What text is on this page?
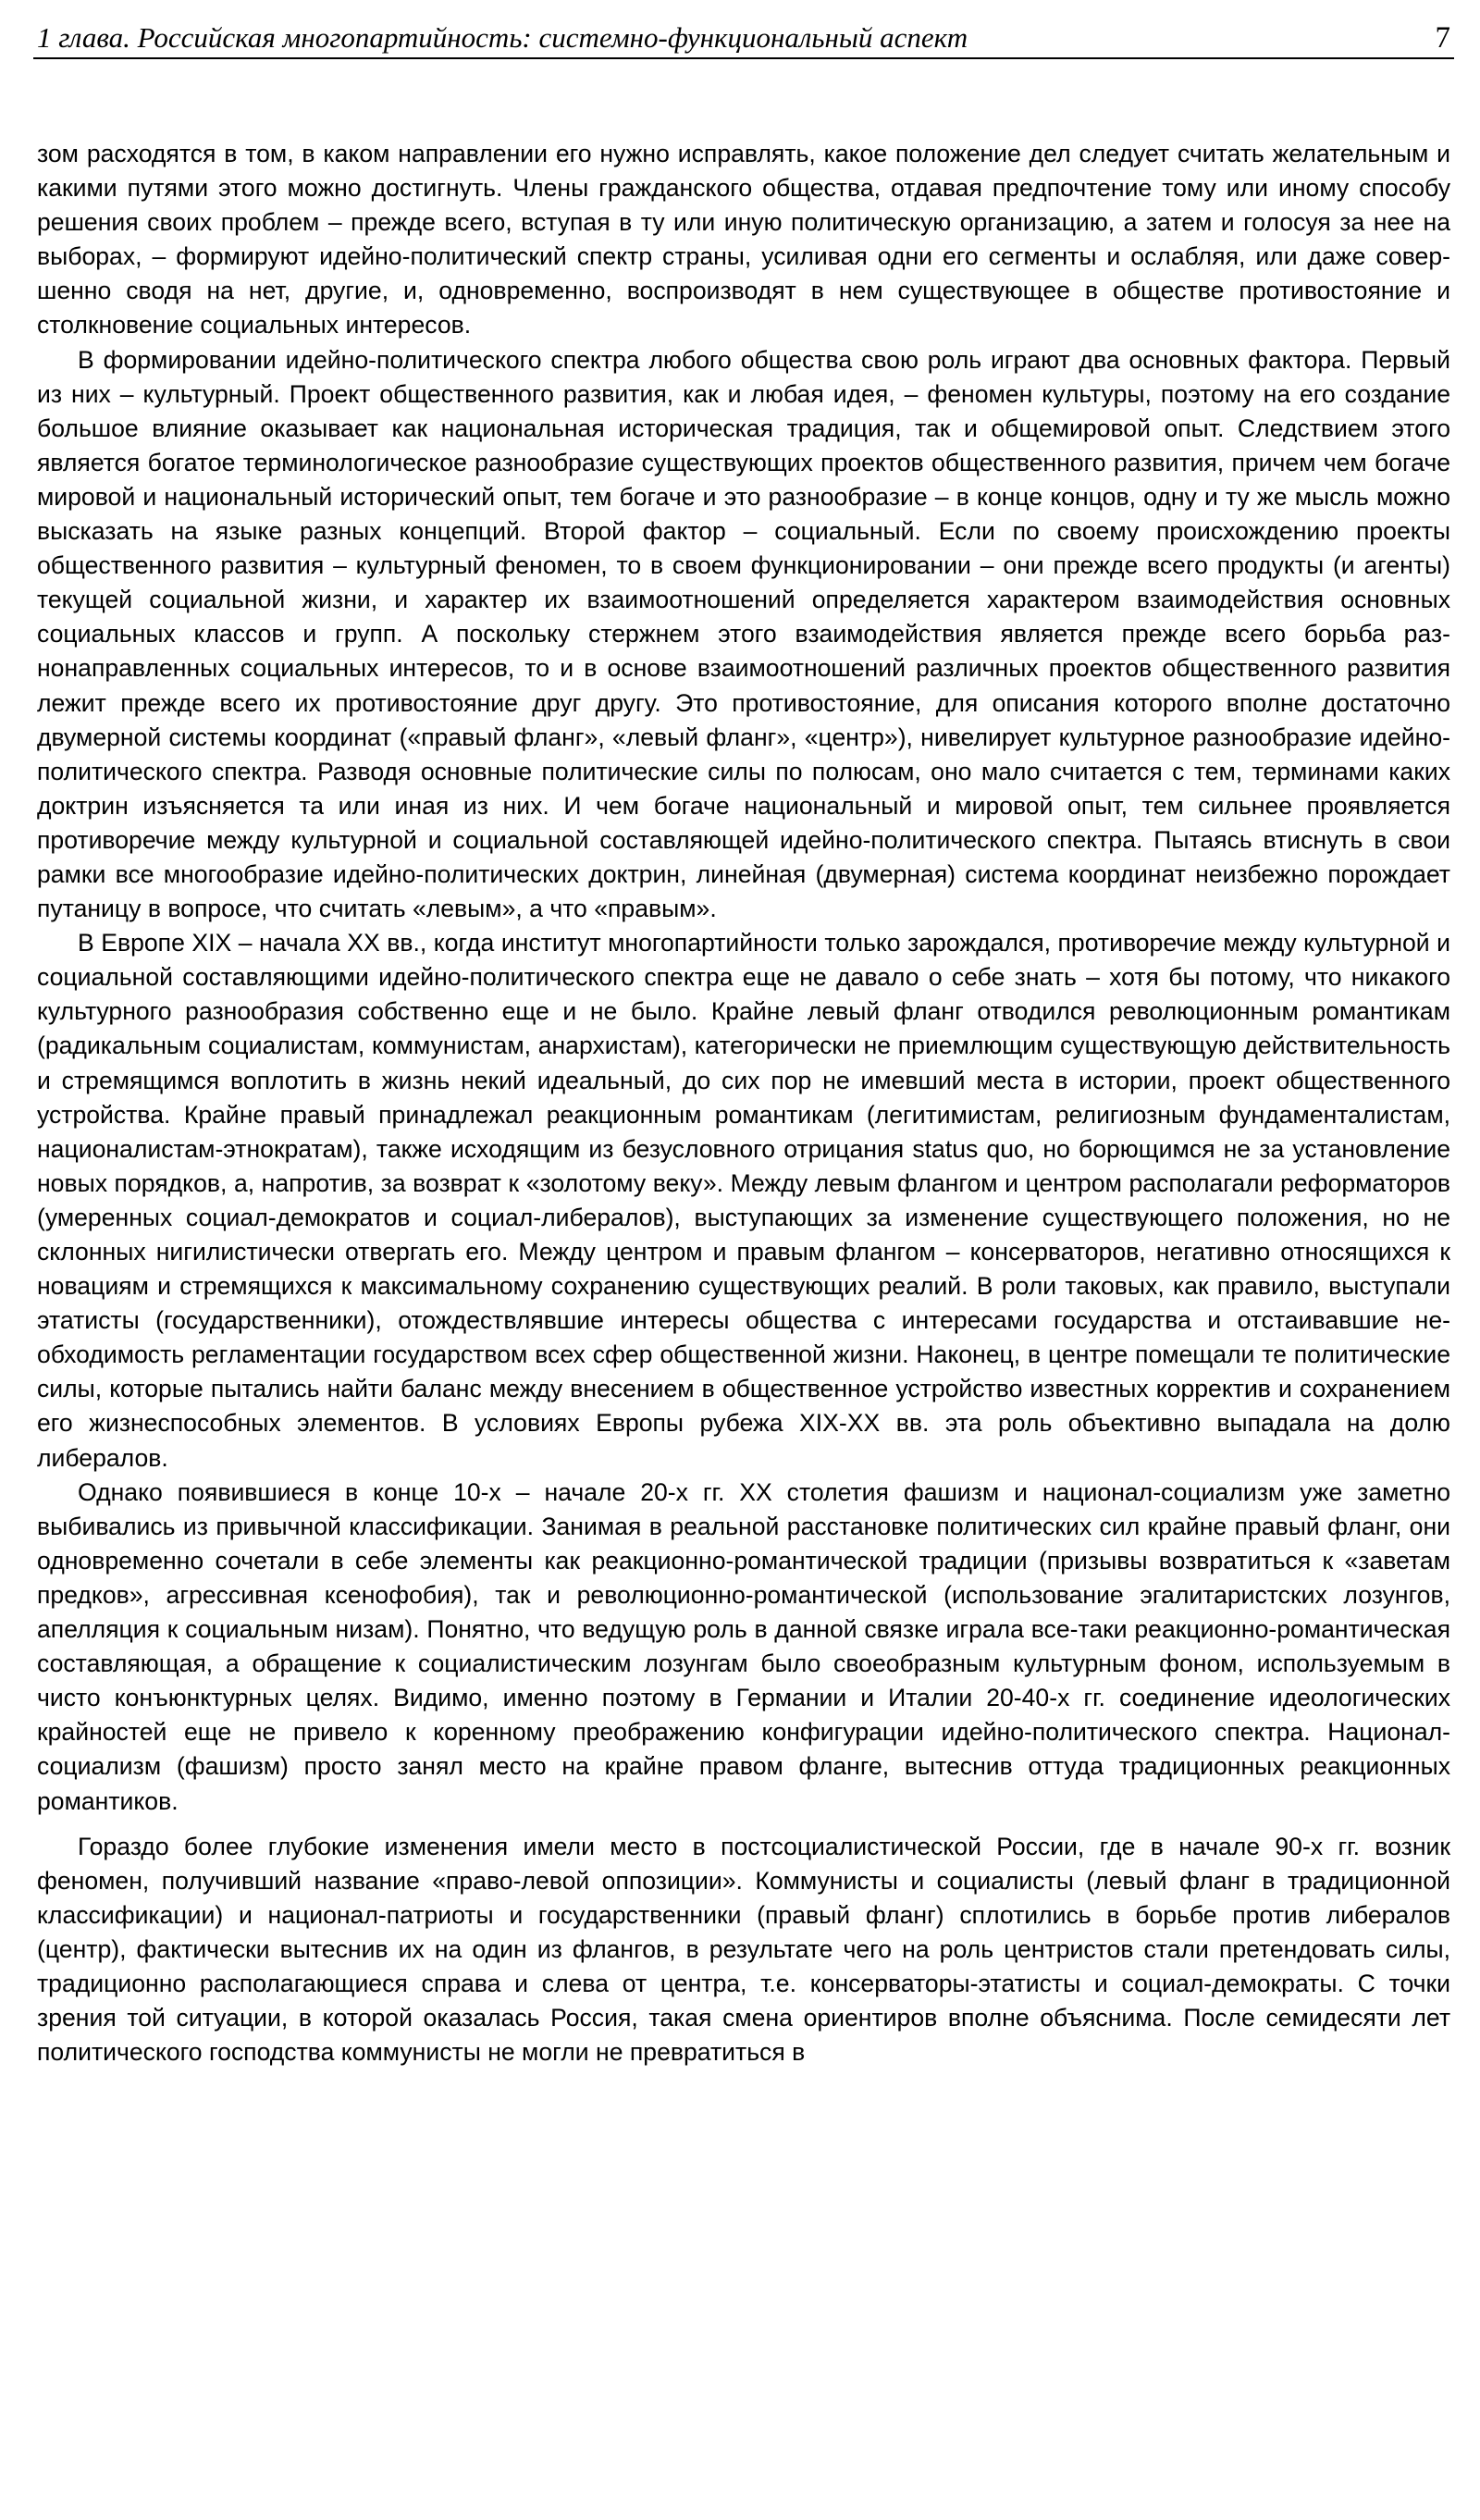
1 глава. Российская многопартийность: системно-функциональный аспект	7

зом расходятся в том, в каком направлении его нужно исправлять, какое положение дел следует считать желательным и какими путями этого можно достигнуть. Члены гражданского общества, отдавая предпочтение тому или иному способу решения своих проблем – прежде всего, вступая в ту или иную политическую организацию, а затем и голосуя за нее на выборах, – формируют идейно-политический спектр страны, усиливая одни его сегменты и ослабляя, или даже совершенно сводя на нет, другие, и, одновременно, воспроизводят в нем существующее в обществе противостояние и столкновение социальных интересов.

В формировании идейно-политического спектра любого общества свою роль играют два основных фактора. Первый из них – культурный. Проект общественного развития, как и любая идея, – феномен культуры, поэтому на его создание большое влияние оказывает как национальная историческая традиция, так и общемировой опыт. Следствием этого является богатое терминологическое разнообразие существующих проектов общественного развития, причем чем богаче мировой и национальный исторический опыт, тем богаче и это разнообразие – в конце концов, одну и ту же мысль можно высказать на языке разных концепций. Второй фактор – социальный. Если по своему происхождению проекты общественного развития – культурный феномен, то в своем функционировании – они прежде всего продукты (и агенты) текущей социальной жизни, и характер их взаимоотношений определяется характером взаимодействия основных социальных классов и групп. А поскольку стержнем этого взаимодействия является прежде всего борьба разнонаправленных социальных интересов, то и в основе взаимоотношений различных проектов общественного развития лежит прежде всего их противостояние друг другу. Это противостояние, для описания которого вполне достаточно двумерной системы координат («правый фланг», «левый фланг», «центр»), нивелирует культурное разнообразие идейно-политического спектра. Разводя основные политические силы по полюсам, оно мало считается с тем, терминами каких доктрин изъясняется та или иная из них. И чем богаче национальный и мировой опыт, тем сильнее проявляется противоречие между культурной и социальной составляющей идейно-политического спектра. Пытаясь втиснуть в свои рамки все многообразие идейно-политических доктрин, линейная (двумерная) система координат неизбежно порождает путаницу в вопросе, что считать «левым», а что «правым».

В Европе XIX – начала XX вв., когда институт многопартийности только зарождался, противоречие между культурной и социальной составляющими идейно-политического спектра еще не давало о себе знать – хотя бы потому, что никакого культурного разнообразия собственно еще и не было. Крайне левый фланг отводился революционным романтикам (радикальным социалистам, коммунистам, анархистам), категорически не приемлющим существующую действительность и стремящимся воплотить в жизнь некий идеальный, до сих пор не имевший места в истории, проект общественного устройства. Крайне правый принадлежал реакционным романтикам (легитимистам, религиозным фундаменталистам, националистам-этнократам), также исходящим из безусловного отрицания status quo, но борющимся не за установление новых порядков, а, напротив, за возврат к «золотому веку». Между левым флангом и центром располагали реформаторов (умеренных социал-демократов и социал-либералов), выступающих за изменение существующего положения, но не склонных нигилистически отвергать его. Между центром и правым флангом – консерваторов, негативно относящихся к новациям и стремящихся к максимальному сохранению существующих реалий. В роли таковых, как правило, выступали этатисты (государственники), отождествлявшие интересы общества с интересами государства и отстаивавшие необходимость регламентации государством всех сфер общественной жизни. Наконец, в центре помещали те политические силы, которые пытались найти баланс между внесением в общественное устройство известных корректив и сохранением его жизнеспособных элементов. В условиях Европы рубежа XIX-XX вв. эта роль объективно выпадала на долю либералов.

Однако появившиеся в конце 10-х – начале 20-х гг. XX столетия фашизм и национал-социализм уже заметно выбивались из привычной классификации. Занимая в реальной расстановке политических сил крайне правый фланг, они одновременно сочетали в себе элементы как реакционно-романтической традиции (призывы возвратиться к «заветам предков», агрессивная ксенофобия), так и революционно-романтической (использование эгалитаристских лозунгов, апелляция к социальным низам). Понятно, что ведущую роль в данной связке играла все-таки реакционно-романтическая составляющая, а обращение к социалистическим лозунгам было своеобразным культурным фоном, используемым в чисто конъюнктурных целях. Видимо, именно поэтому в Германии и Италии 20-40-х гг. соединение идеологических крайностей еще не привело к коренному преображению конфигурации идейно-политического спектра. Национал-социализм (фашизм) просто занял место на крайне правом фланге, вытеснив оттуда традиционных реакционных романтиков.

Гораздо более глубокие изменения имели место в постсоциалистической России, где в начале 90-х гг. возник феномен, получивший название «право-левой оппозиции». Коммунисты и социалисты (левый фланг в традиционной классификации) и национал-патриоты и государственники (правый фланг) сплотились в борьбе против либералов (центр), фактически вытеснив их на один из флангов, в результате чего на роль центристов стали претендовать силы, традиционно располагающиеся справа и слева от центра, т.е. консерваторы-этатисты и социал-демократы. С точки зрения той ситуации, в которой оказалась Россия, такая смена ориентиров вполне объяснима. После семидесяти лет политического господства коммунисты не могли не превратиться в
